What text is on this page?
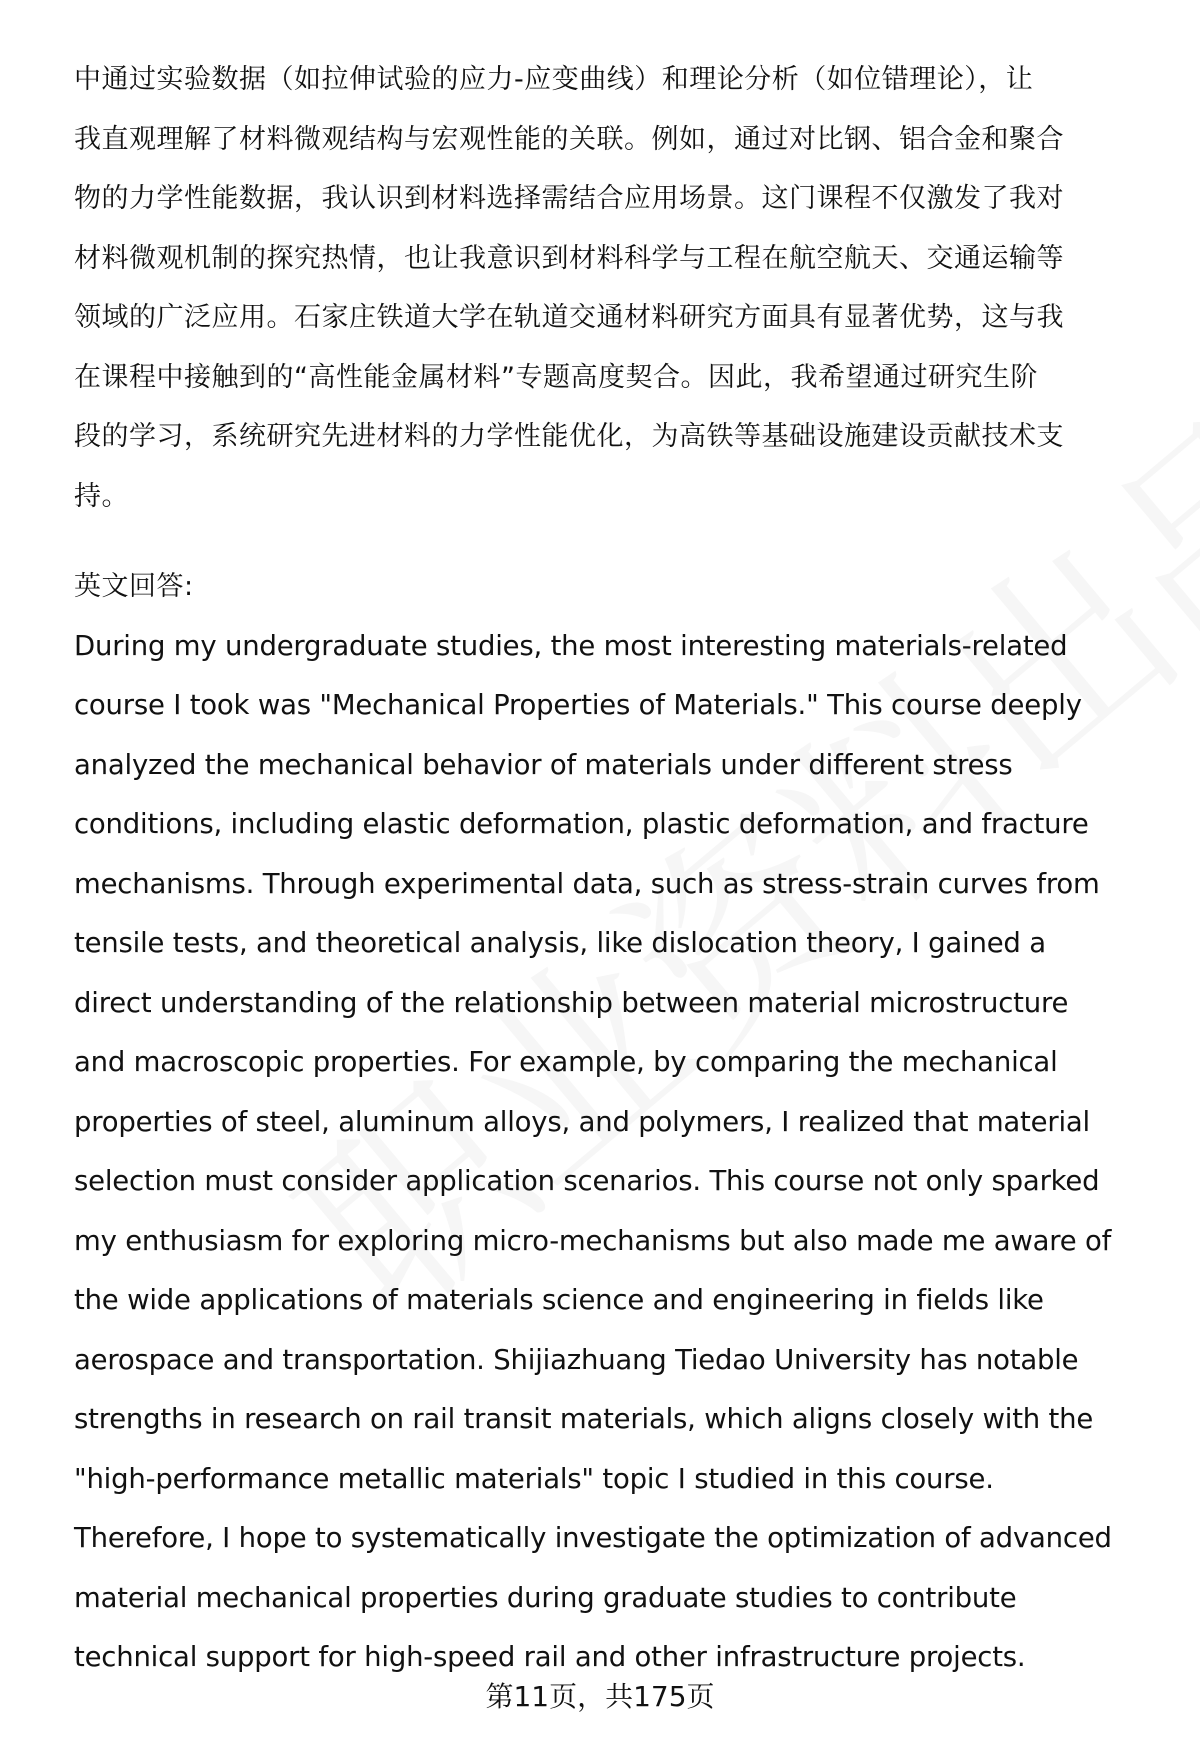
中通过实验数据（如拉伸试验的应力-应变曲线）和理论分析（如位错理论），让
我直观理解了材料微观结构与宏观性能的关联。例如，通过对比钢、铝合金和聚合
物的力学性能数据，我认识到材料选择需结合应用场景。这门课程不仅激发了我对
材料微观机制的探究热情，也让我意识到材料科学与工程在航空航天、交通运输等
领域的广泛应用。石家庄铁道大学在轨道交通材料研究方面具有显著优势，这与我
在课程中接触到的“高性能金属材料”专题高度契合。因此，我希望通过研究生阶
段的学习，系统研究先进材料的力学性能优化，为高铁等基础设施建设贡献技术支
持。
英文回答:
During my undergraduate studies, the most interesting materials-related
course I took was "Mechanical Properties of Materials." This course deeply
analyzed the mechanical behavior of materials under different stress
conditions, including elastic deformation, plastic deformation, and fracture
mechanisms. Through experimental data, such as stress-strain curves from
tensile tests, and theoretical analysis, like dislocation theory, I gained a
direct understanding of the relationship between material microstructure
and macroscopic properties. For example, by comparing the mechanical
properties of steel, aluminum alloys, and polymers, I realized that material
selection must consider application scenarios. This course not only sparked
my enthusiasm for exploring micro-mechanisms but also made me aware of
the wide applications of materials science and engineering in fields like
aerospace and transportation. Shijiazhuang Tiedao University has notable
strengths in research on rail transit materials, which aligns closely with the
"high-performance metallic materials" topic I studied in this course.
Therefore, I hope to systematically investigate the optimization of advanced
material mechanical properties during graduate studies to contribute
technical support for high-speed rail and other infrastructure projects.
第11页，共175页
